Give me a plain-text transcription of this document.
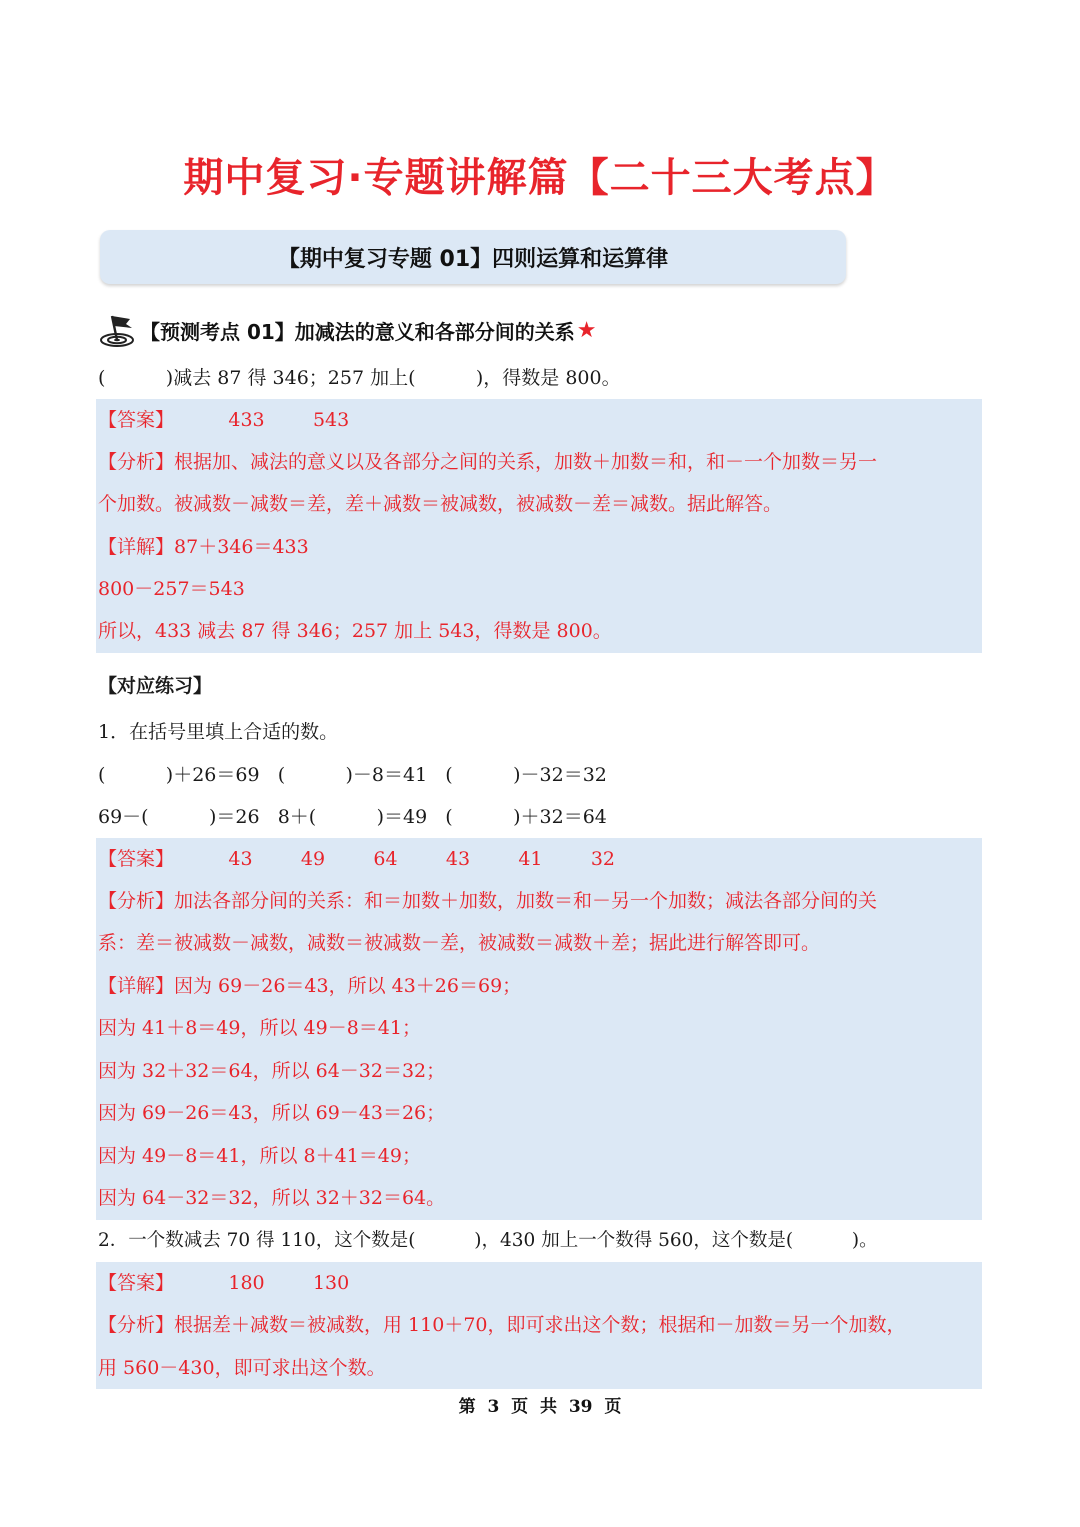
期中复习·专题讲解篇【二十三大考点】
【期中复习专题 01】四则运算和运算律
【预测考点 01】加减法的意义和各部分间的关系 ★
(          )减去 87 得 346；257 加上(          )，得数是 800。
【答案】         433        543
【分析】根据加、减法的意义以及各部分之间的关系，加数＋加数＝和，和－一个加数＝另一
个加数。被减数－减数＝差，差＋减数＝被减数，被减数－差＝减数。据此解答。
【详解】87＋346＝433
800－257＝543
所以，433 减去 87 得 346；257 加上 543，得数是 800。
【对应练习】
1．在括号里填上合适的数。
(          )＋26＝69   (          )－8＝41   (          )－32＝32
69－(          )＝26   8＋(          )＝49   (          )＋32＝64
【答案】         43        49        64        43        41        32
【分析】加法各部分间的关系：和＝加数＋加数，加数＝和－另一个加数；减法各部分间的关
系：差＝被减数－减数，减数＝被减数－差，被减数＝减数＋差；据此进行解答即可。
【详解】因为 69－26＝43，所以 43＋26＝69；
因为 41＋8＝49，所以 49－8＝41；
因为 32＋32＝64，所以 64－32＝32；
因为 69－26＝43，所以 69－43＝26；
因为 49－8＝41，所以 8＋41＝49；
因为 64－32＝32，所以 32＋32＝64。
2．一个数减去 70 得 110，这个数是(          )，430 加上一个数得 560，这个数是(          )。
【答案】         180        130
【分析】根据差＋减数＝被减数，用 110＋70，即可求出这个数；根据和－加数＝另一个加数，
用 560－430，即可求出这个数。
第  3  页  共  39  页
